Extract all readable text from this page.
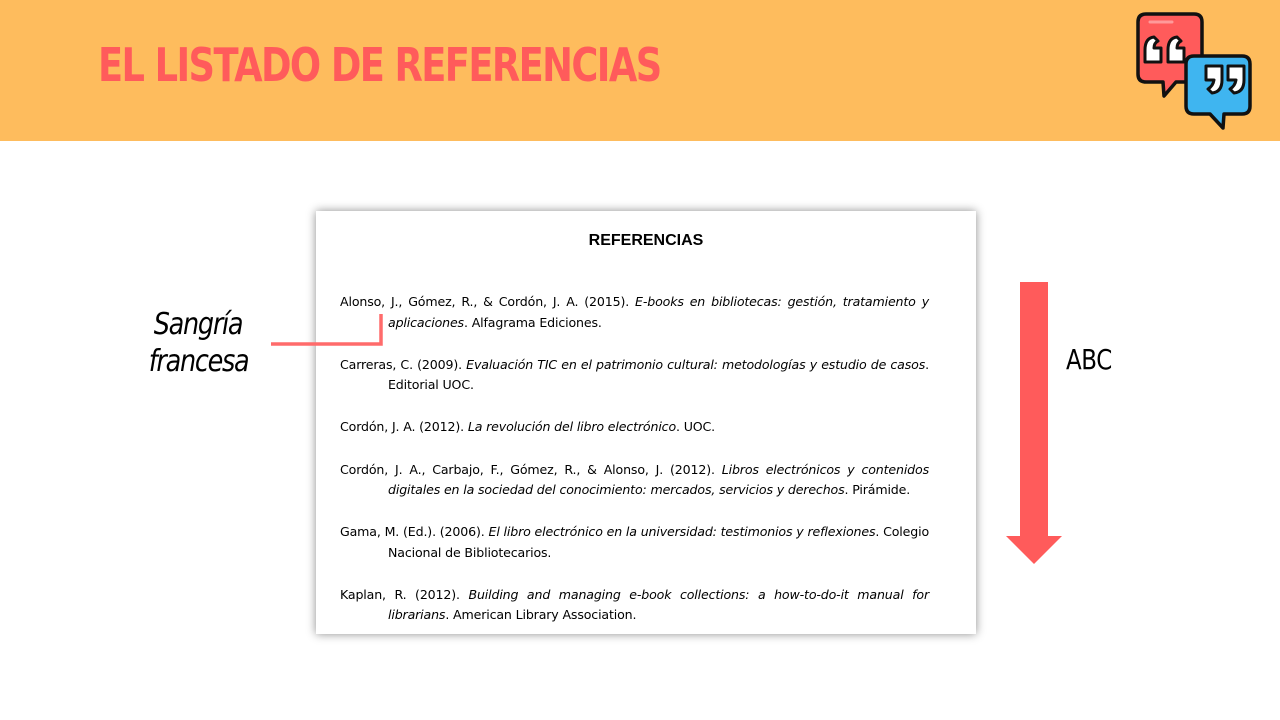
EL LISTADO DE REFERENCIAS
REFERENCIAS
Alonso, J., Gómez, R., & Cordón, J. A. (2015). E-books en bibliotecas: gestión, tratamiento y aplicaciones. Alfagrama Ediciones.
Carreras, C. (2009). Evaluación TIC en el patrimonio cultural: metodologías y estudio de casos. Editorial UOC.
Cordón, J. A. (2012). La revolución del libro electrónico. UOC.
Cordón, J. A., Carbajo, F., Gómez, R., & Alonso, J. (2012). Libros electrónicos y contenidos digitales en la sociedad del conocimiento: mercados, servicios y derechos. Pirámide.
Gama, M. (Ed.). (2006). El libro electrónico en la universidad: testimonios y reflexiones. Colegio Nacional de Bibliotecarios.
Kaplan, R. (2012). Building and managing e-book collections: a how-to-do-it manual for librarians. American Library Association.
Sangría
francesa	ABC
